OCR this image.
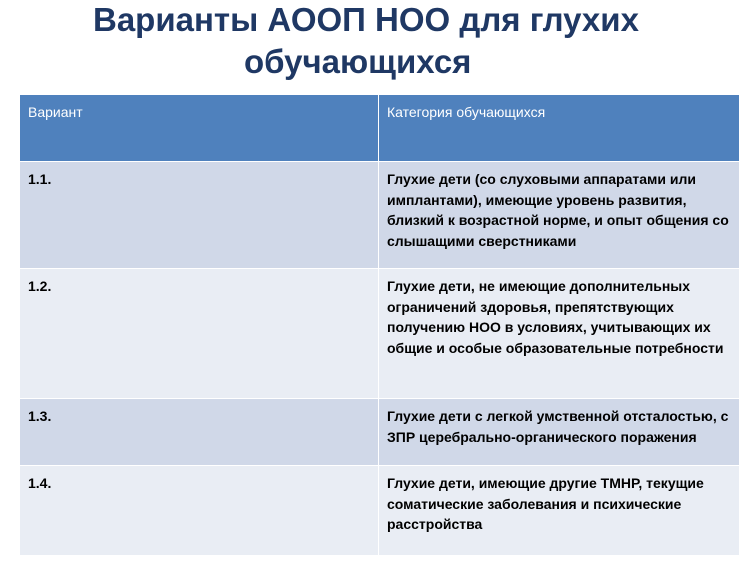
Варианты АООП НОО для глухих
обучающихся
Вариант	Категория обучающихся
1.1.	Глухие дети (со слуховыми аппаратами или имплантами), имеющие уровень развития, близкий к возрастной норме, и опыт общения со слышащими сверстниками
1.2.	Глухие дети, не имеющие дополнительных ограничений здоровья, препятствующих получению НОО в условиях, учитывающих их общие и особые образовательные потребности
1.3.	Глухие дети с легкой умственной отсталостью, с ЗПР церебрально-органического поражения
1.4.	Глухие дети, имеющие другие ТМНР, текущие соматические заболевания и психические расстройства
